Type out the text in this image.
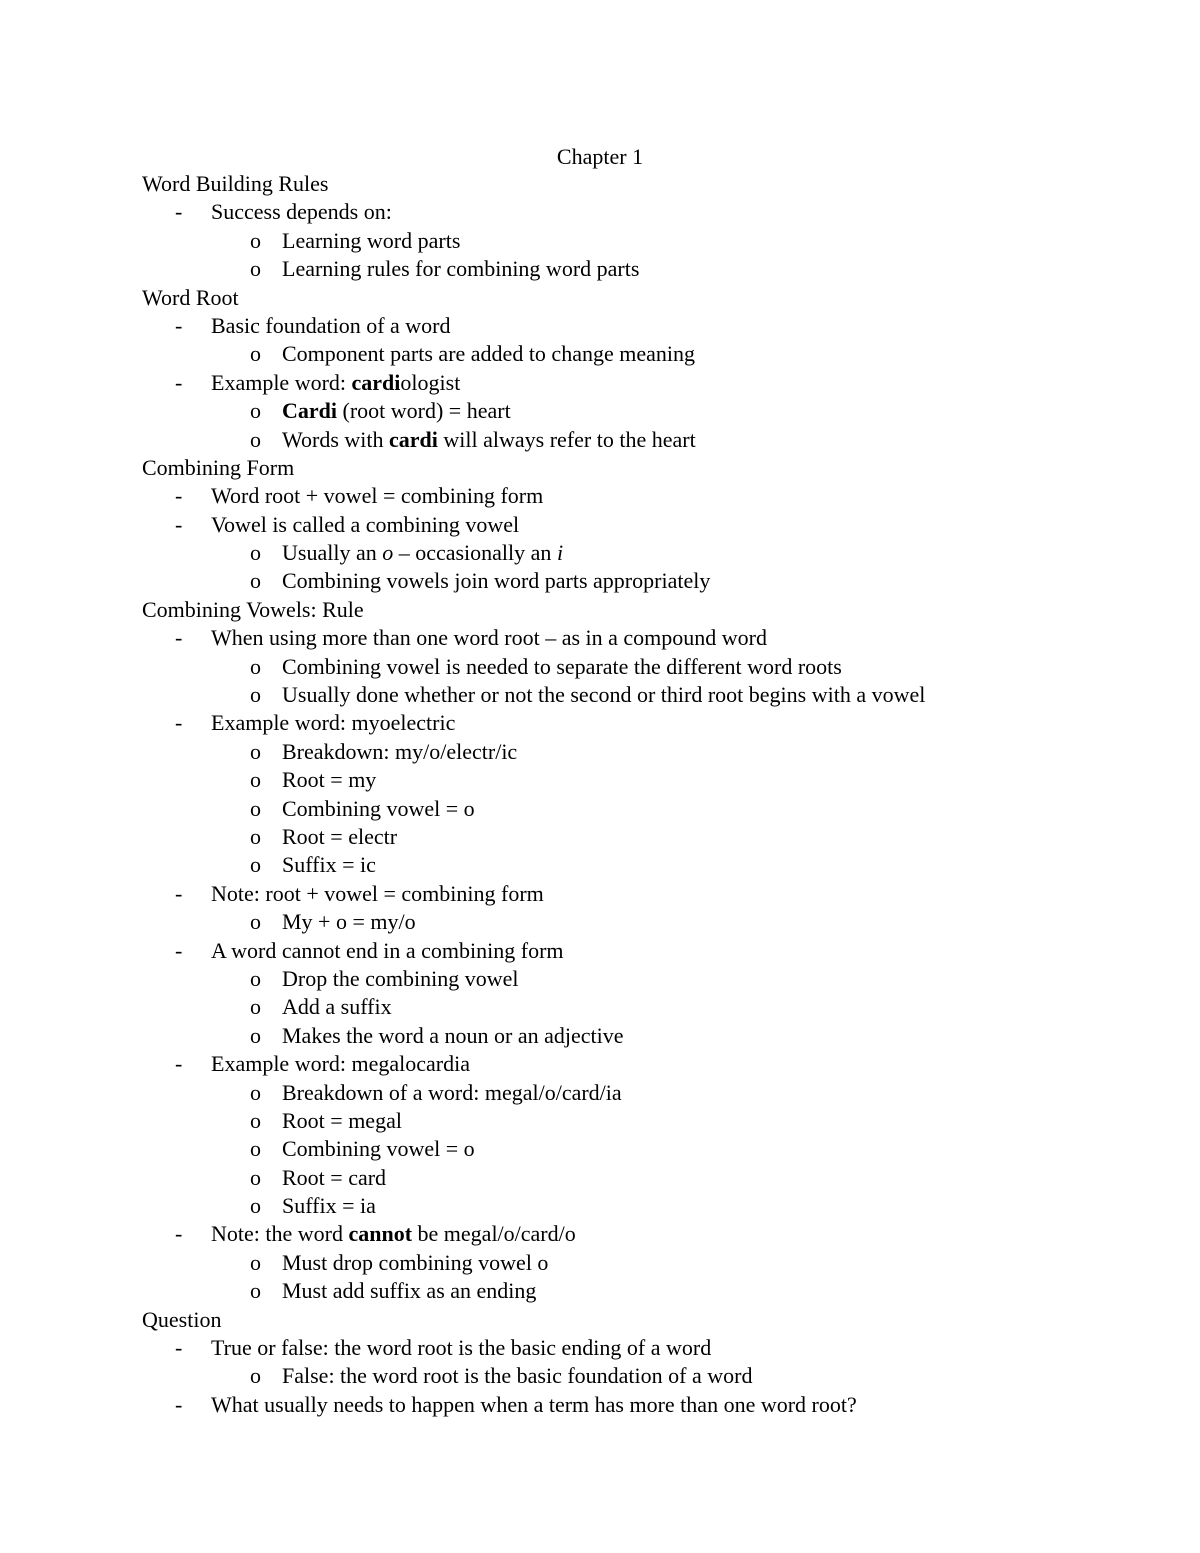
Chapter 1
Word Building Rules
- Success depends on:
o Learning word parts
o Learning rules for combining word parts
Word Root
- Basic foundation of a word
o Component parts are added to change meaning
- Example word: cardiologist
o Cardi (root word) = heart
o Words with cardi will always refer to the heart
Combining Form
- Word root + vowel = combining form
- Vowel is called a combining vowel
o Usually an o – occasionally an i
o Combining vowels join word parts appropriately
Combining Vowels: Rule
- When using more than one word root – as in a compound word
o Combining vowel is needed to separate the different word roots
o Usually done whether or not the second or third root begins with a vowel
- Example word: myoelectric
o Breakdown: my/o/electr/ic
o Root = my
o Combining vowel = o
o Root = electr
o Suffix = ic
- Note: root + vowel = combining form
o My + o = my/o
- A word cannot end in a combining form
o Drop the combining vowel
o Add a suffix
o Makes the word a noun or an adjective
- Example word: megalocardia
o Breakdown of a word: megal/o/card/ia
o Root = megal
o Combining vowel = o
o Root = card
o Suffix = ia
- Note: the word cannot be megal/o/card/o
o Must drop combining vowel o
o Must add suffix as an ending
Question
- True or false: the word root is the basic ending of a word
o False: the word root is the basic foundation of a word
- What usually needs to happen when a term has more than one word root?
